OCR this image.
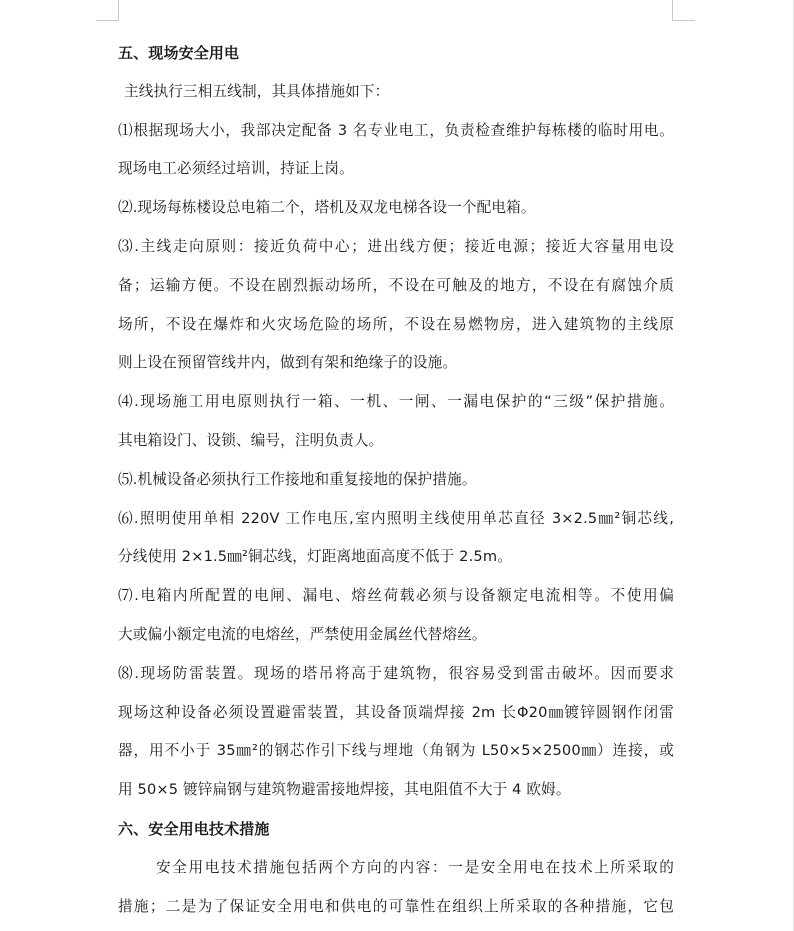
五、现场安全用电
主线执行三相五线制，其具体措施如下：
⑴根据现场大小，我部决定配备 3 名专业电工，负责检查维护每栋楼的临时用电。
现场电工必须经过培训，持证上岗。
⑵.现场每栋楼设总电箱二个，塔机及双龙电梯各设一个配电箱。
⑶.主线走向原则：接近负荷中心；进出线方便；接近电源；接近大容量用电设
备；运输方便。不设在剧烈振动场所，不设在可触及的地方，不设在有腐蚀介质
场所，不设在爆炸和火灾场危险的场所，不设在易燃物房，进入建筑物的主线原
则上设在预留管线井内，做到有架和绝缘子的设施。
⑷.现场施工用电原则执行一箱、一机、一闸、一漏电保护的“三级”保护措施。
其电箱设门、设锁、编号，注明负责人。
⑸.机械设备必须执行工作接地和重复接地的保护措施。
⑹.照明使用单相 220V 工作电压,室内照明主线使用单芯直径 3×2.5㎜²铜芯线,
分线使用 2×1.5㎜²铜芯线，灯距离地面高度不低于 2.5m。
⑺.电箱内所配置的电闸、漏电、熔丝荷载必须与设备额定电流相等。不使用偏
大或偏小额定电流的电熔丝，严禁使用金属丝代替熔丝。
⑻.现场防雷装置。现场的塔吊将高于建筑物，很容易受到雷击破坏。因而要求
现场这种设备必须设置避雷装置，其设备顶端焊接 2m 长Φ20㎜镀锌圆钢作闭雷
器，用不小于 35㎜²的钢芯作引下线与埋地（角钢为 L50×5×2500㎜）连接，或
用 50×5 镀锌扁钢与建筑物避雷接地焊接，其电阻值不大于 4 欧姆。
六、安全用电技术措施
安全用电技术措施包括两个方向的内容：一是安全用电在技术上所采取的
措施；二是为了保证安全用电和供电的可靠性在组织上所采取的各种措施，它包
